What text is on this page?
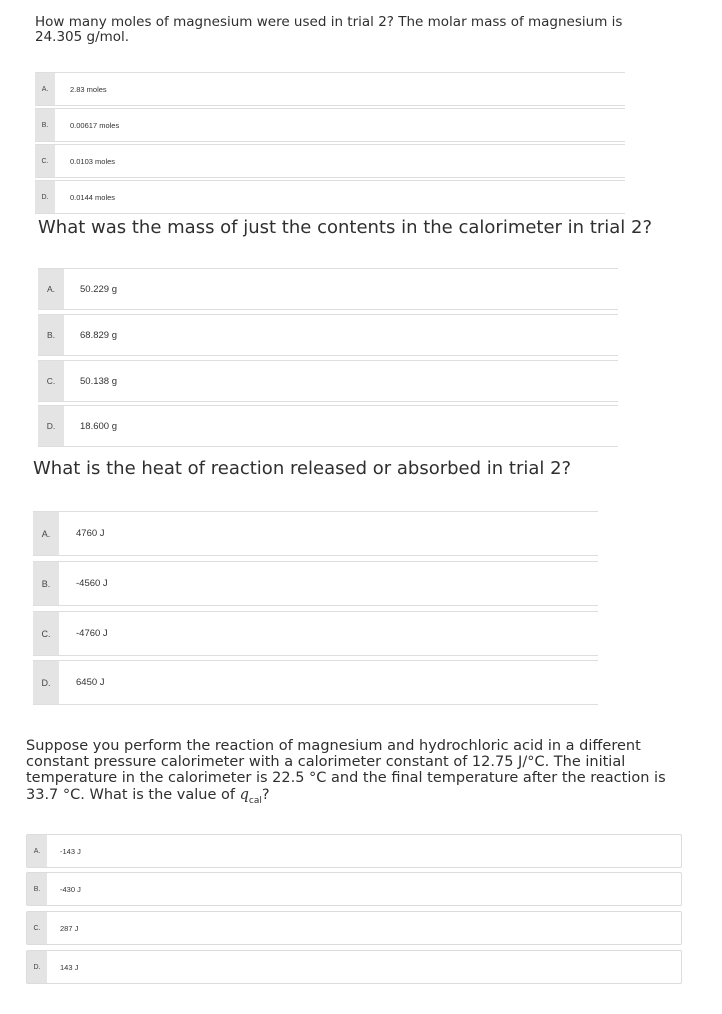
How many moles of magnesium were used in trial 2? The molar mass of magnesium is 24.305 g/mol.
A.	2.83 moles
B.	0.00617 moles
C.	0.0103 moles
D.	0.0144 moles
What was the mass of just the contents in the calorimeter in trial 2?
A.	50.229 g
B.	68.829 g
C.	50.138 g
D.	18.600 g
What is the heat of reaction released or absorbed in trial 2?
A.	4760 J
B.	-4560 J
C.	-4760 J
D.	6450 J
Suppose you perform the reaction of magnesium and hydrochloric acid in a different constant pressure calorimeter with a calorimeter constant of 12.75 J/°C. The initial temperature in the calorimeter is 22.5 °C and the final temperature after the reaction is 33.7 °C. What is the value of $q_{cal}$?
A.	-143 J
B.	-430 J
C.	287 J
D.	143 J
